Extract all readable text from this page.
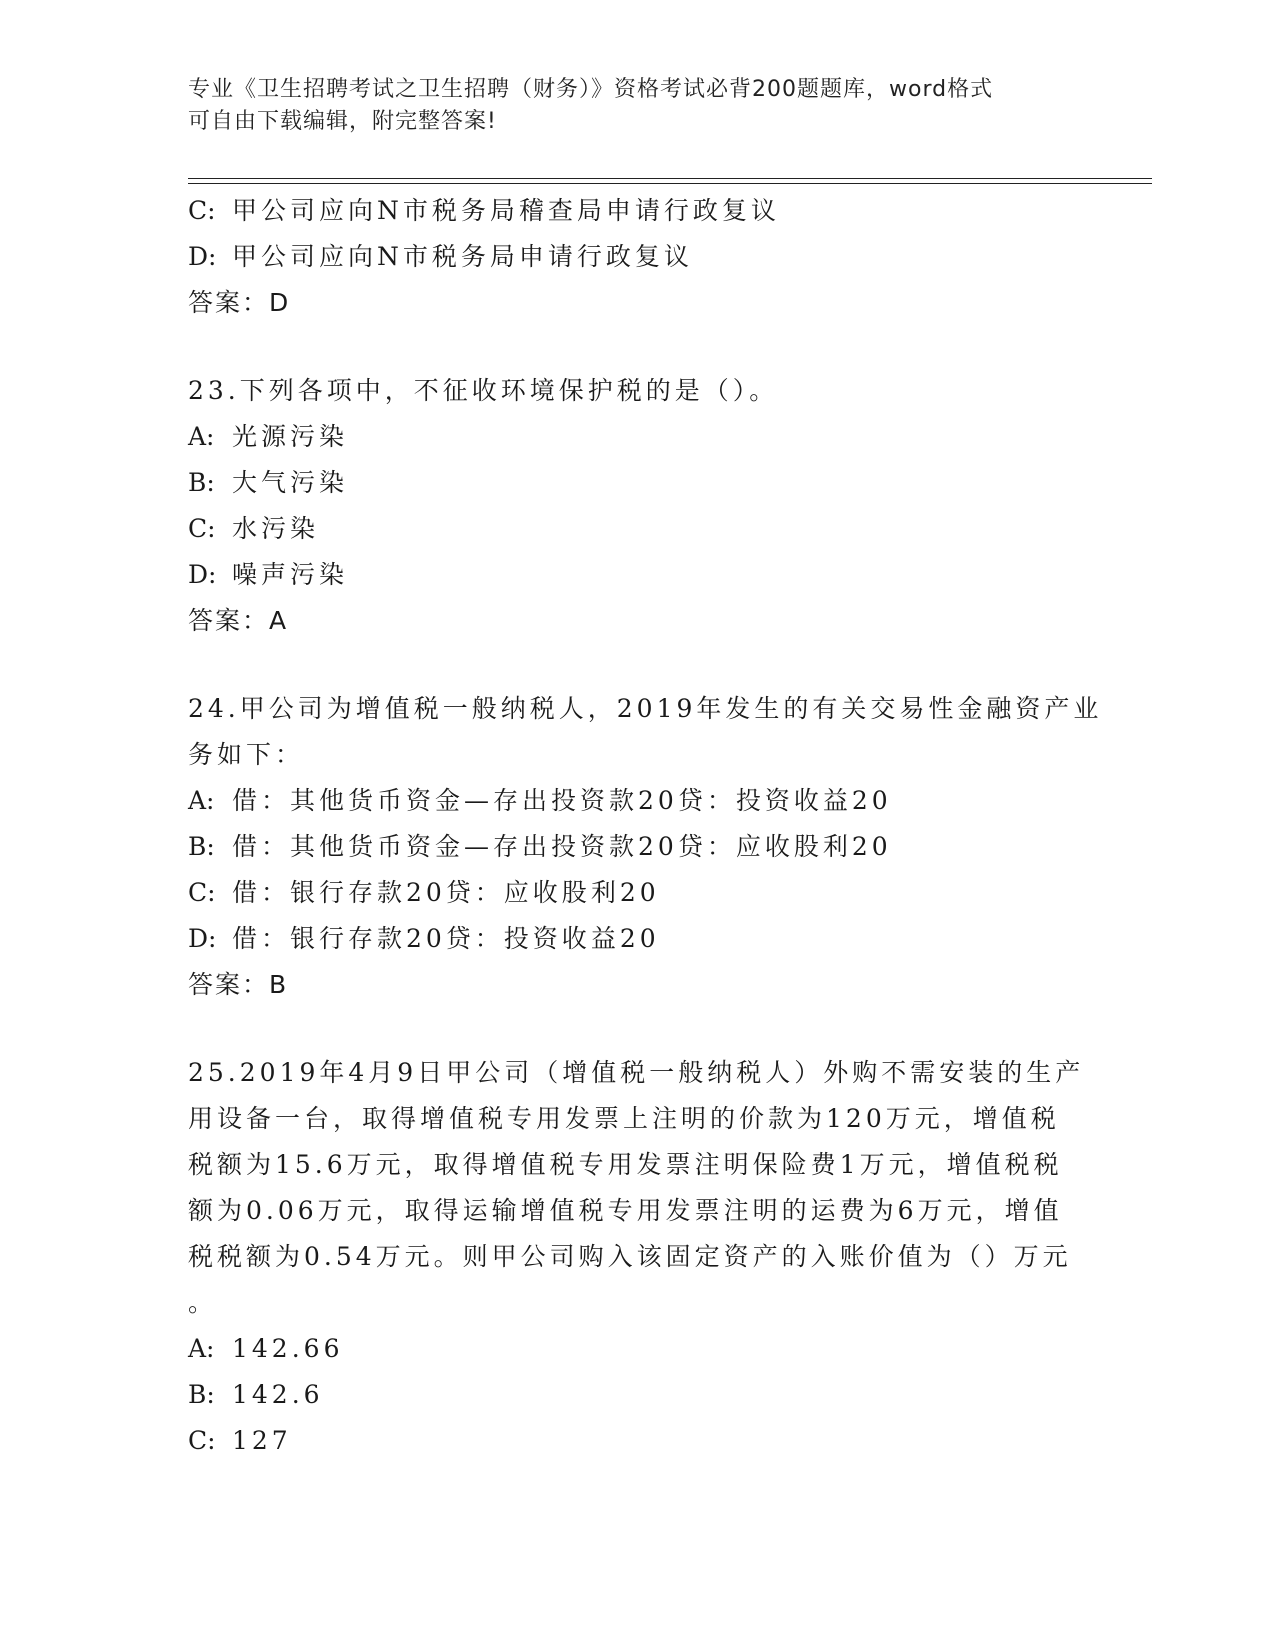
专业《卫生招聘考试之卫生招聘（财务）》资格考试必背200题题库，word格式
可自由下载编辑，附完整答案!
C: 甲公司应向N市税务局稽查局申请行政复议
D: 甲公司应向N市税务局申请行政复议
答案：D
23.下列各项中，不征收环境保护税的是（）。
A: 光源污染
B: 大气污染
C: 水污染
D: 噪声污染
答案：A
24.甲公司为增值税一般纳税人，2019年发生的有关交易性金融资产业
务如下：
A: 借：其他货币资金—存出投资款20贷：投资收益20
B: 借：其他货币资金—存出投资款20贷：应收股利20
C: 借：银行存款20贷：应收股利20
D: 借：银行存款20贷：投资收益20
答案：B
25.2019年4月9日甲公司（增值税一般纳税人）外购不需安装的生产
用设备一台，取得增值税专用发票上注明的价款为120万元，增值税
税额为15.6万元，取得增值税专用发票注明保险费1万元，增值税税
额为0.06万元，取得运输增值税专用发票注明的运费为6万元，增值
税税额为0.54万元。则甲公司购入该固定资产的入账价值为（）万元
。
A: 142.66
B: 142.6
C: 127
